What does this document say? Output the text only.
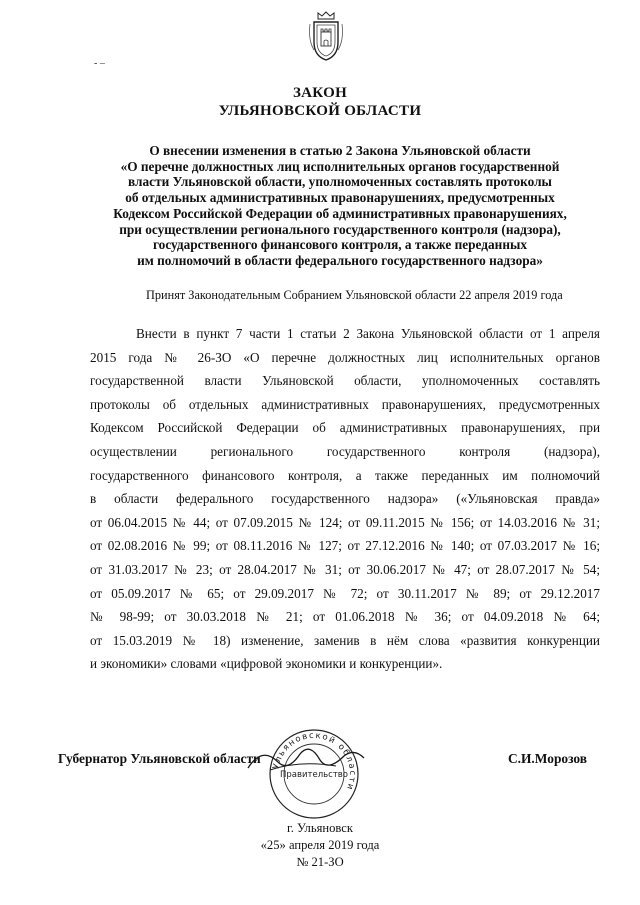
- –
ЗАКОН
УЛЬЯНОВСКОЙ ОБЛАСТИ
О внесении изменения в статью 2 Закона Ульяновской области
«О перечне должностных лиц исполнительных органов государственной
власти Ульяновской области, уполномоченных составлять протоколы
об отдельных административных правонарушениях, предусмотренных
Кодексом Российской Федерации об административных правонарушениях,
при осуществлении регионального государственного контроля (надзора),
государственного финансового контроля, а также переданных
им полномочий в области федерального государственного надзора»
Принят Законодательным Собранием Ульяновской области 22 апреля 2019 года
Внести в пункт 7 части 1 статьи 2 Закона Ульяновской области от 1 апреля
2015 года № 26-ЗО «О перечне должностных лиц исполнительных органов
государственной власти Ульяновской области, уполномоченных составлять
протоколы об отдельных административных правонарушениях, предусмотренных
Кодексом Российской Федерации об административных правонарушениях, при
осуществлении регионального государственного контроля (надзора),
государственного финансового контроля, а также переданных им полномочий
в области федерального государственного надзора» («Ульяновская правда»
от 06.04.2015 № 44; от 07.09.2015 № 124; от 09.11.2015 № 156; от 14.03.2016 № 31;
от 02.08.2016 № 99; от 08.11.2016 № 127; от 27.12.2016 № 140; от 07.03.2017 № 16;
от 31.03.2017 № 23; от 28.04.2017 № 31; от 30.06.2017 № 47; от 28.07.2017 № 54;
от 05.09.2017 № 65; от 29.09.2017 № 72; от 30.11.2017 № 89; от 29.12.2017
№ 98-99; от 30.03.2018 № 21; от 01.06.2018 № 36; от 04.09.2018 № 64;
от 15.03.2019 № 18) изменение, заменив в нём слова «развития конкуренции
и экономики» словами «цифровой экономики и конкуренции».
Губернатор Ульяновской области	С.И.Морозов
Ульяновской области
Правительство
г. Ульяновск
«25» апреля 2019 года
№ 21-ЗО
